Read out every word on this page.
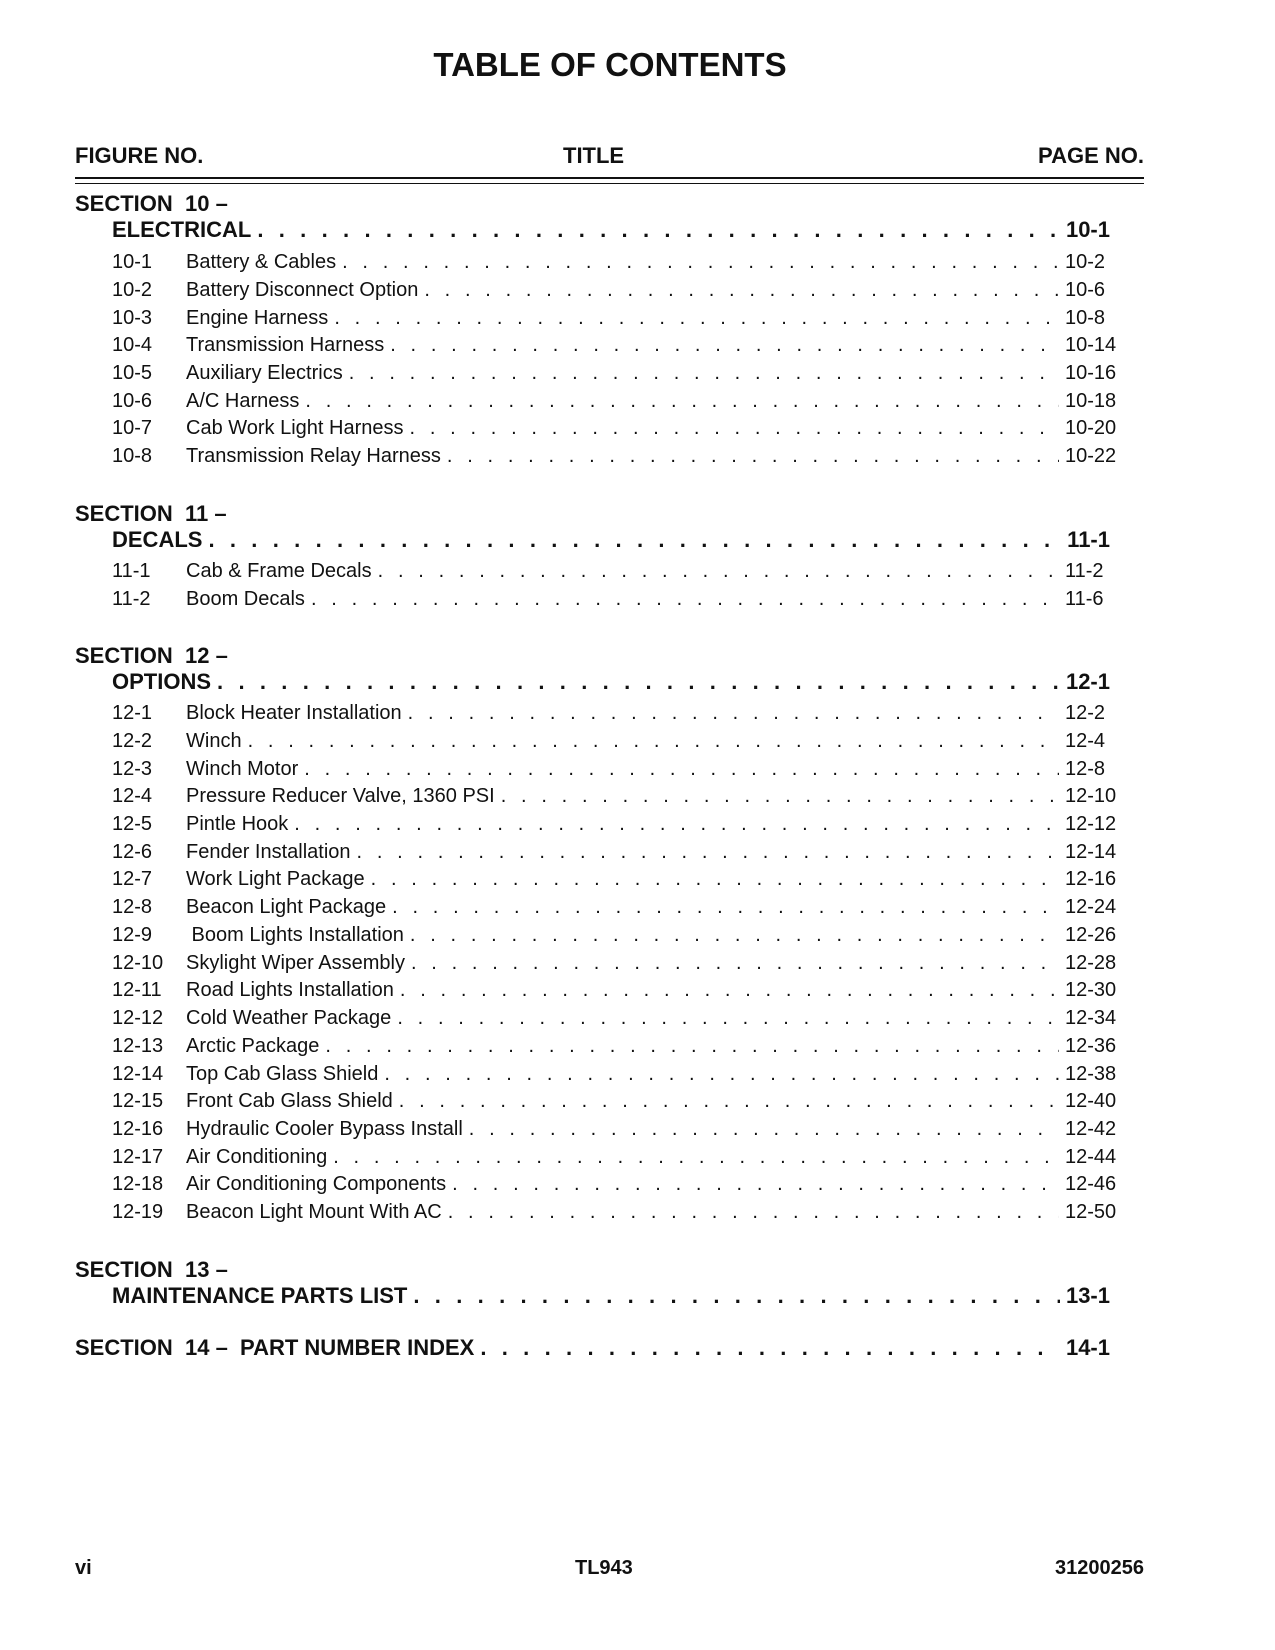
TABLE OF CONTENTS
FIGURE NO.	TITLE	PAGE NO.
SECTION  10 –
ELECTRICAL . . .	10-1
10-1	Battery & Cables . . .	10-2
10-2	Battery Disconnect Option . . .	10-6
10-3	Engine Harness . . .	10-8
10-4	Transmission Harness . . .	10-14
10-5	Auxiliary Electrics . . .	10-16
10-6	A/C Harness . . .	10-18
10-7	Cab Work Light Harness . . .	10-20
10-8	Transmission Relay Harness . . .	10-22
SECTION  11 –
DECALS . . .	11-1
11-1	Cab & Frame Decals . . .	11-2
11-2	Boom Decals . . .	11-6
SECTION  12 –
OPTIONS . . .	12-1
12-1	Block Heater Installation . . .	12-2
12-2	Winch . . .	12-4
12-3	Winch Motor . . .	12-8
12-4	Pressure Reducer Valve, 1360 PSI . . .	12-10
12-5	Pintle Hook . . .	12-12
12-6	Fender Installation . . .	12-14
12-7	Work Light Package . . .	12-16
12-8	Beacon Light Package . . .	12-24
12-9	Boom Lights Installation . . .	12-26
12-10	Skylight Wiper Assembly . . .	12-28
12-11	Road Lights Installation . . .	12-30
12-12	Cold Weather Package . . .	12-34
12-13	Arctic Package . . .	12-36
12-14	Top Cab Glass Shield . . .	12-38
12-15	Front Cab Glass Shield . . .	12-40
12-16	Hydraulic Cooler Bypass Install . . .	12-42
12-17	Air Conditioning . . .	12-44
12-18	Air Conditioning Components . . .	12-46
12-19	Beacon Light Mount With AC . . .	12-50
SECTION  13 –
MAINTENANCE PARTS LIST . . .	13-1
SECTION  14 –  PART NUMBER INDEX . . .	14-1
vi	TL943	31200256
